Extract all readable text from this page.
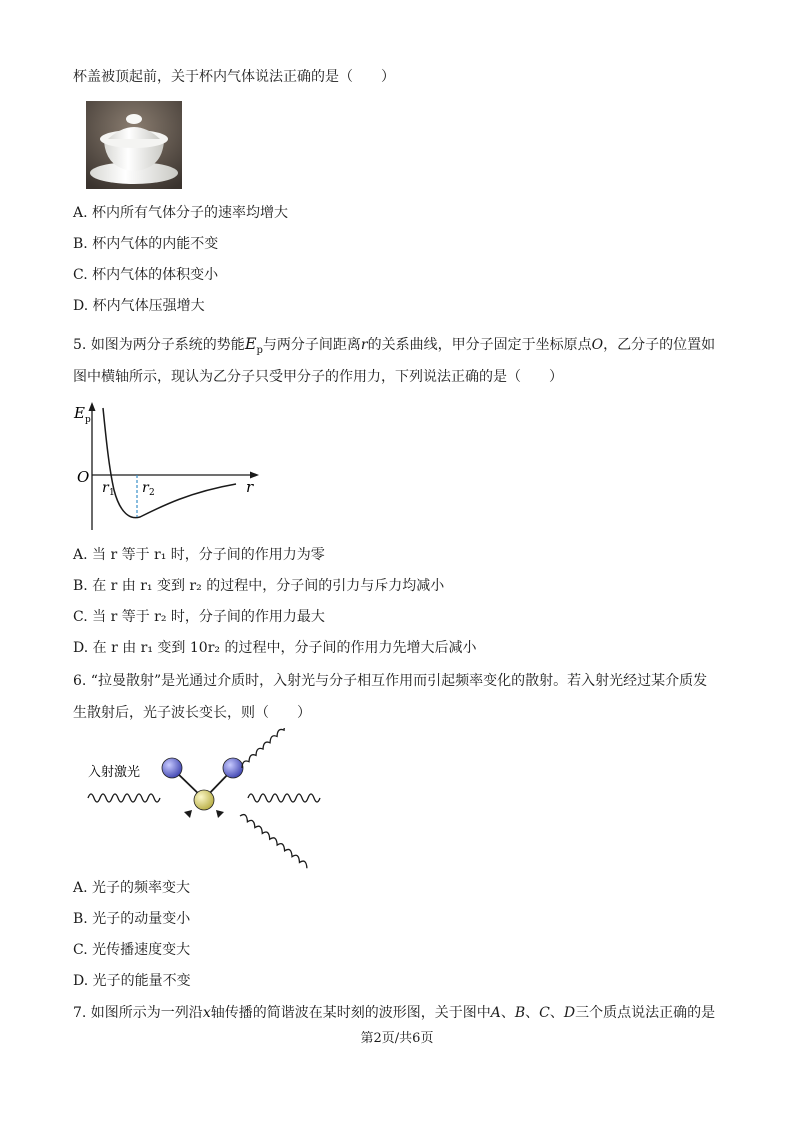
杯盖被顶起前，关于杯内气体说法正确的是（　　）
A. 杯内所有气体分子的速率均增大
B. 杯内气体的内能不变
C. 杯内气体的体积变小
D. 杯内气体压强增大
5. 如图为两分子系统的势能$E_p$与两分子间距离r的关系曲线，甲分子固定于坐标原点O，乙分子的位置如
图中横轴所示，现认为乙分子只受甲分子的作用力，下列说法正确的是（　　）
E p
O
r 1 r 2	r
A. 当 r 等于 r₁ 时，分子间的作用力为零
B. 在 r 由 r₁ 变到 r₂ 的过程中，分子间的引力与斥力均减小
C. 当 r 等于 r₂ 时，分子间的作用力最大
D. 在 r 由 r₁ 变到 10r₂ 的过程中，分子间的作用力先增大后减小
6. “拉曼散射”是光通过介质时，入射光与分子相互作用而引起频率变化的散射。若入射光经过某介质发
生散射后，光子波长变长，则（　　）
入射激光
A. 光子的频率变大
B. 光子的动量变小
C. 光传播速度变大
D. 光子的能量不变
7. 如图所示为一列沿x轴传播的简谐波在某时刻的波形图，关于图中A、B、C、D三个质点说法正确的是
第2页/共6页
